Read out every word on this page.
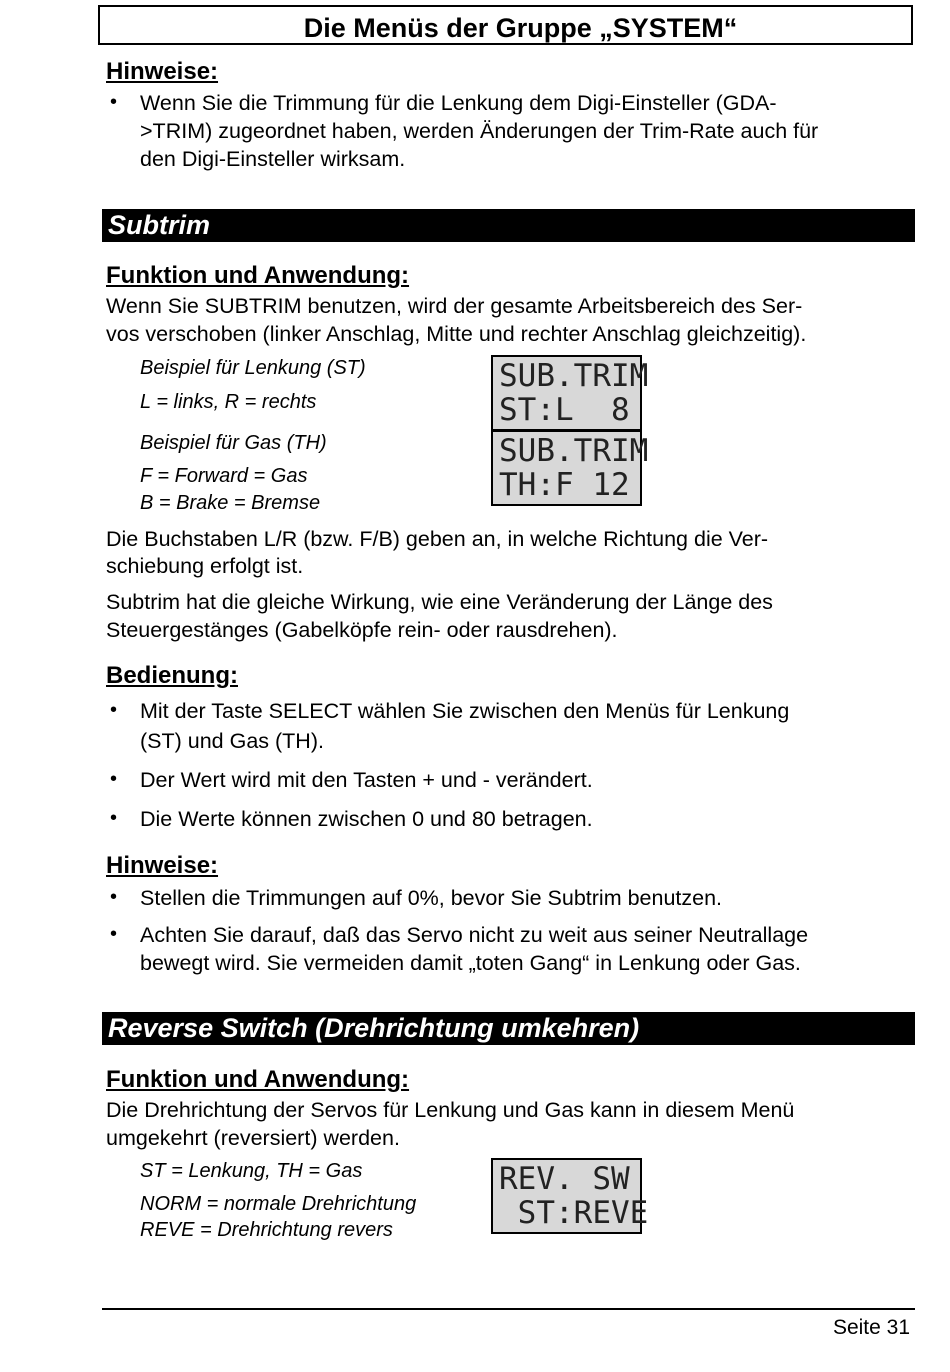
Die Menüs der Gruppe „SYSTEM“
Hinweise:
• Wenn Sie die Trimmung für die Lenkung dem Digi-Einsteller (GDA-
>TRIM) zugeordnet haben, werden Änderungen der Trim-Rate auch für
den Digi-Einsteller wirksam.
Subtrim
Funktion und Anwendung:
Wenn Sie SUBTRIM benutzen, wird der gesamte Arbeitsbereich des Ser-
vos verschoben (linker Anschlag, Mitte und rechter Anschlag gleichzeitig).
Beispiel für Lenkung (ST)
L = links, R = rechts
Beispiel für Gas (TH)
F = Forward = Gas
B = Brake = Bremse
SUB.TRIM
ST:L  8
SUB.TRIM
TH:F 12
Die Buchstaben L/R (bzw. F/B) geben an, in welche Richtung die Ver-
schiebung erfolgt ist.
Subtrim hat die gleiche Wirkung, wie eine Veränderung der Länge des
Steuergestänges (Gabelköpfe rein- oder rausdrehen).
Bedienung:
• Mit der Taste SELECT wählen Sie zwischen den Menüs für Lenkung
(ST) und Gas (TH).
• Der Wert wird mit den Tasten + und - verändert.
• Die Werte können zwischen 0 und 80 betragen.
Hinweise:
• Stellen die Trimmungen auf 0%, bevor Sie Subtrim benutzen.
• Achten Sie darauf, daß das Servo nicht zu weit aus seiner Neutrallage
bewegt wird. Sie vermeiden damit „toten Gang“ in Lenkung oder Gas.
Reverse Switch (Drehrichtung umkehren)
Funktion und Anwendung:
Die Drehrichtung der Servos für Lenkung und Gas kann in diesem Menü
umgekehrt (reversiert) werden.
ST = Lenkung, TH = Gas
NORM = normale Drehrichtung
REVE = Drehrichtung revers
REV. SW
ST:REVE
Seite 31
